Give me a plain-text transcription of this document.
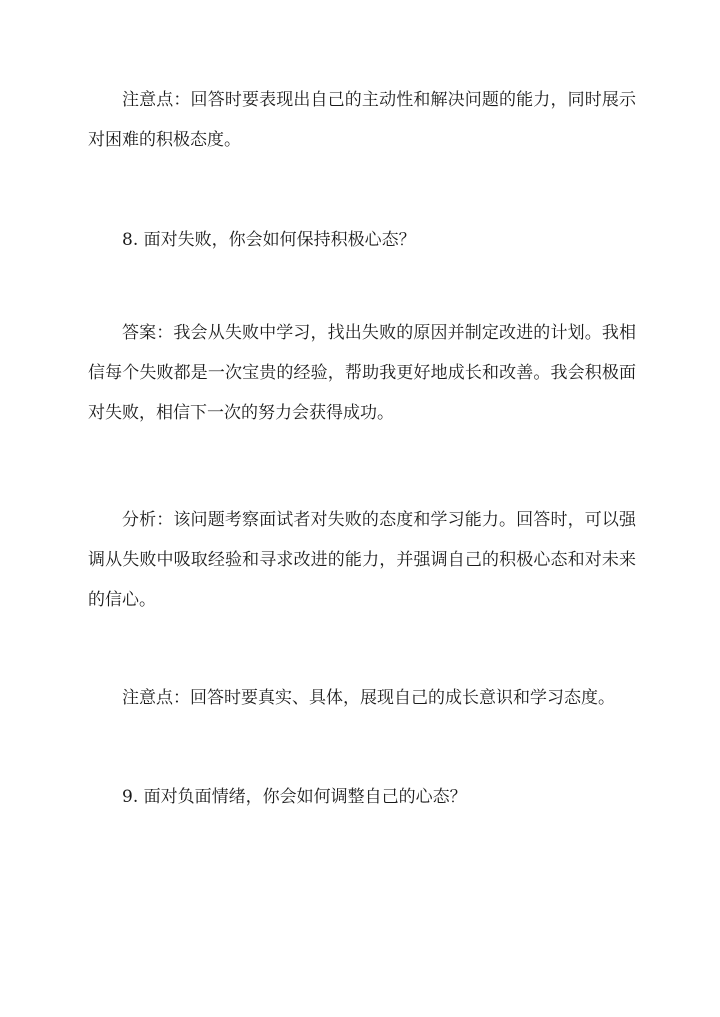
注意点：回答时要表现出自己的主动性和解决问题的能力，同时展示对困难的积极态度。

8. 面对失败，你会如何保持积极心态？

答案：我会从失败中学习，找出失败的原因并制定改进的计划。我相信每个失败都是一次宝贵的经验，帮助我更好地成长和改善。我会积极面对失败，相信下一次的努力会获得成功。

分析：该问题考察面试者对失败的态度和学习能力。回答时，可以强调从失败中吸取经验和寻求改进的能力，并强调自己的积极心态和对未来的信心。

注意点：回答时要真实、具体，展现自己的成长意识和学习态度。

9. 面对负面情绪，你会如何调整自己的心态？
